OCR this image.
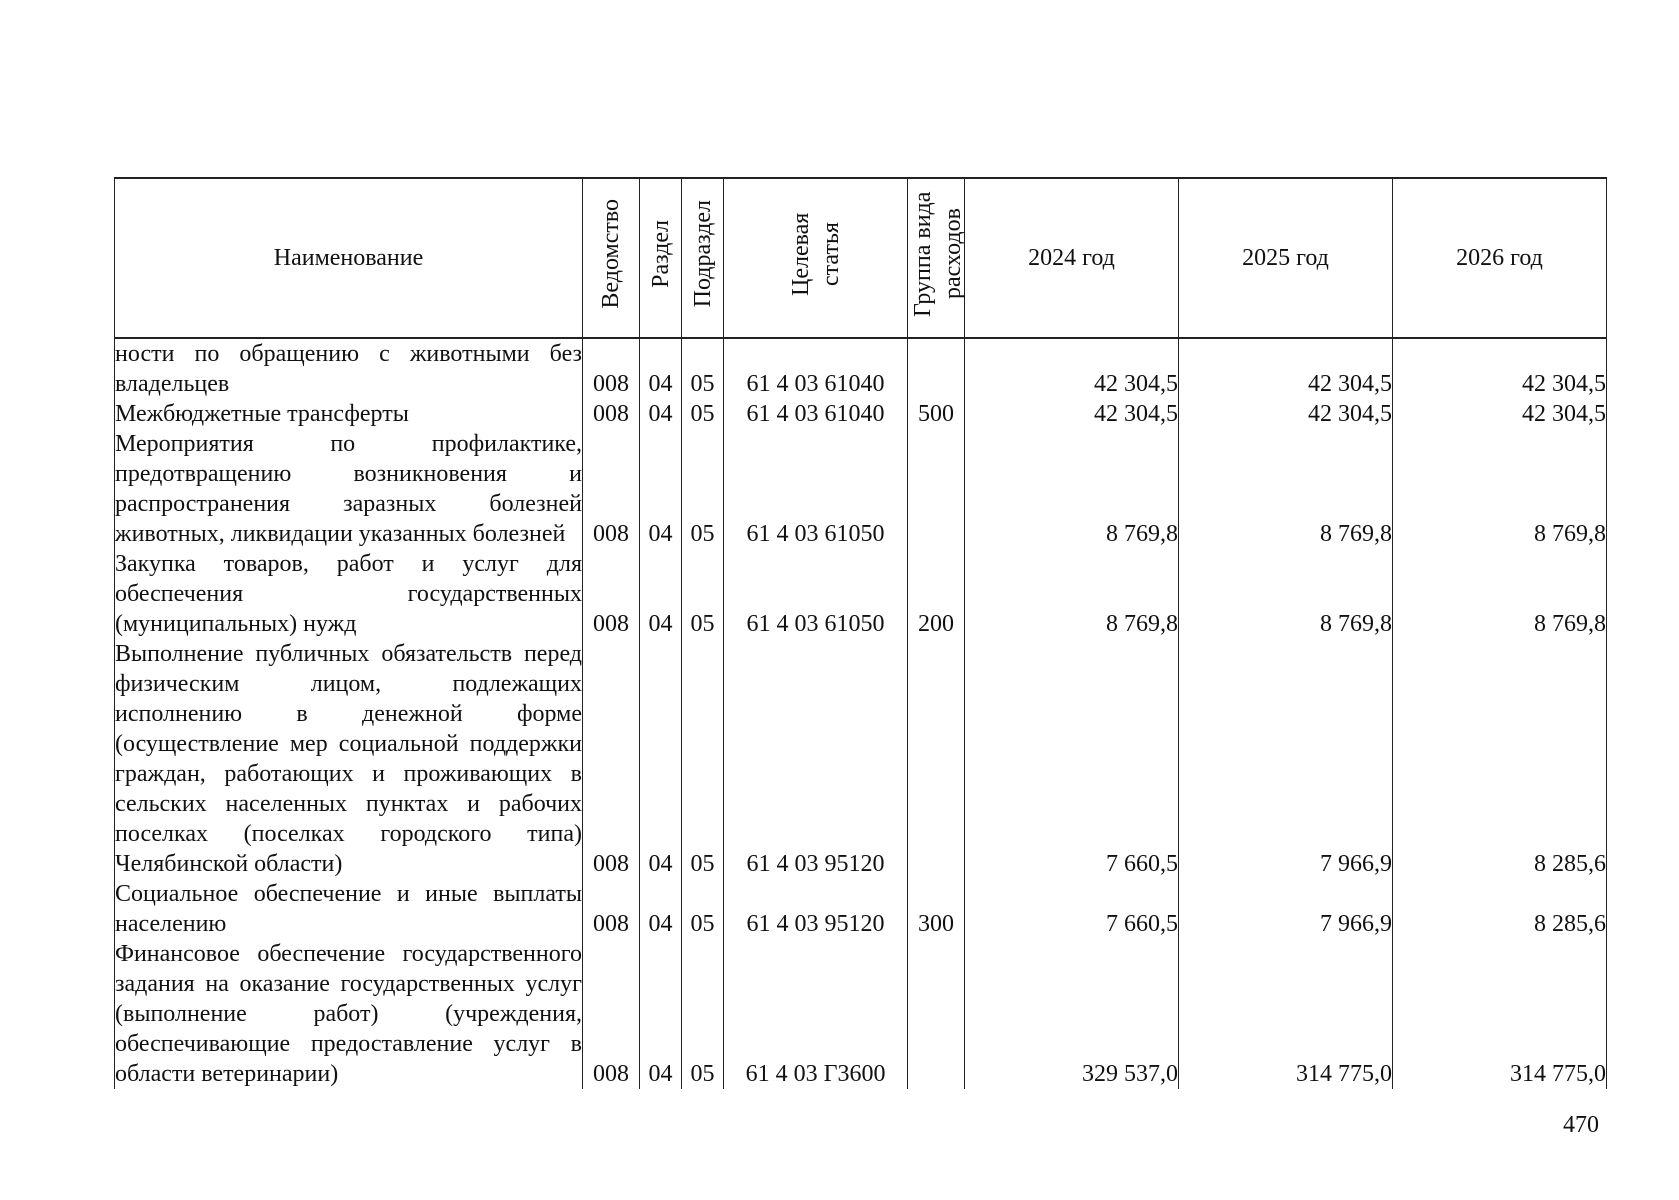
Наименование	Ведомство	Раздел	Подраздел	Целевая статья	Группа вида расходов	2024 год	2025 год	2026 год
ности по обращению с животными без владельцев	008	04	05	61 4 03 61040		42 304,5	42 304,5	42 304,5
Межбюджетные трансферты	008	04	05	61 4 03 61040	500	42 304,5	42 304,5	42 304,5
Мероприятия по профилактике, предотвращению возникновения и распространения заразных болезней животных, ликвидации указанных болезней	008	04	05	61 4 03 61050		8 769,8	8 769,8	8 769,8
Закупка товаров, работ и услуг для обеспечения государственных (муниципальных) нужд	008	04	05	61 4 03 61050	200	8 769,8	8 769,8	8 769,8
Выполнение публичных обязательств перед физическим лицом, подлежащих исполнению в денежной форме (осуществление мер социальной поддержки граждан, работающих и проживающих в сельских населенных пунктах и рабочих поселках (поселках городского типа) Челябинской области)	008	04	05	61 4 03 95120		7 660,5	7 966,9	8 285,6
Социальное обеспечение и иные выплаты населению	008	04	05	61 4 03 95120	300	7 660,5	7 966,9	8 285,6
Финансовое обеспечение государственного задания на оказание государственных услуг (выполнение работ) (учреждения, обеспечивающие предоставление услуг в области ветеринарии)	008	04	05	61 4 03 Г3600		329 537,0	314 775,0	314 775,0
470
